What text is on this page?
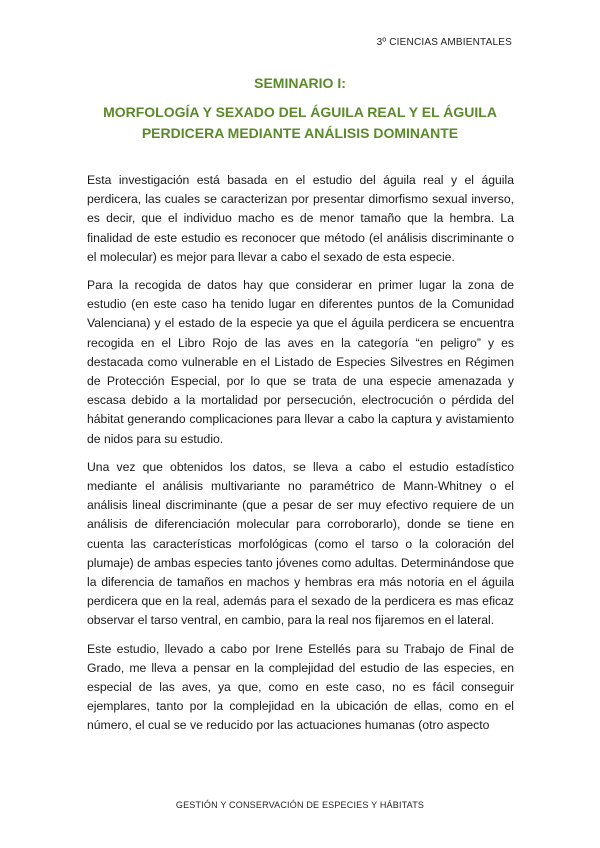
3º CIENCIAS AMBIENTALES
SEMINARIO I:
MORFOLOGÍA Y SEXADO DEL ÁGUILA REAL Y EL ÁGUILA
PERDICERA MEDIANTE ANÁLISIS DOMINANTE

Esta investigación está basada en el estudio del águila real y el águila perdicera, las cuales se caracterizan por presentar dimorfismo sexual inverso, es decir, que el individuo macho es de menor tamaño que la hembra. La finalidad de este estudio es reconocer que método (el análisis discriminante o el molecular) es mejor para llevar a cabo el sexado de esta especie.

Para la recogida de datos hay que considerar en primer lugar la zona de estudio (en este caso ha tenido lugar en diferentes puntos de la Comunidad Valenciana) y el estado de la especie ya que el águila perdicera se encuentra recogida en el Libro Rojo de las aves en la categoría “en peligro” y es destacada como vulnerable en el Listado de Especies Silvestres en Régimen de Protección Especial, por lo que se trata de una especie amenazada y escasa debido a la mortalidad por persecución, electrocución o pérdida del hábitat generando complicaciones para llevar a cabo la captura y avistamiento de nidos para su estudio.

Una vez que obtenidos los datos, se lleva a cabo el estudio estadístico mediante el análisis multivariante no paramétrico de Mann-Whitney o el análisis lineal discriminante (que a pesar de ser muy efectivo requiere de un análisis de diferenciación molecular para corroborarlo), donde se tiene en cuenta las características morfológicas (como el tarso o la coloración del plumaje) de ambas especies tanto jóvenes como adultas. Determinándose que la diferencia de tamaños en machos y hembras era más notoria en el águila perdicera que en la real, además para el sexado de la perdicera es mas eficaz observar el tarso ventral, en cambio, para la real nos fijaremos en el lateral.

Este estudio, llevado a cabo por Irene Estellés para su Trabajo de Final de Grado, me lleva a pensar en la complejidad del estudio de las especies, en especial de las aves, ya que, como en este caso, no es fácil conseguir ejemplares, tanto por la complejidad en la ubicación de ellas, como en el número, el cual se ve reducido por las actuaciones humanas (otro aspecto

GESTIÓN Y CONSERVACIÓN DE ESPECIES Y HÁBITATS
